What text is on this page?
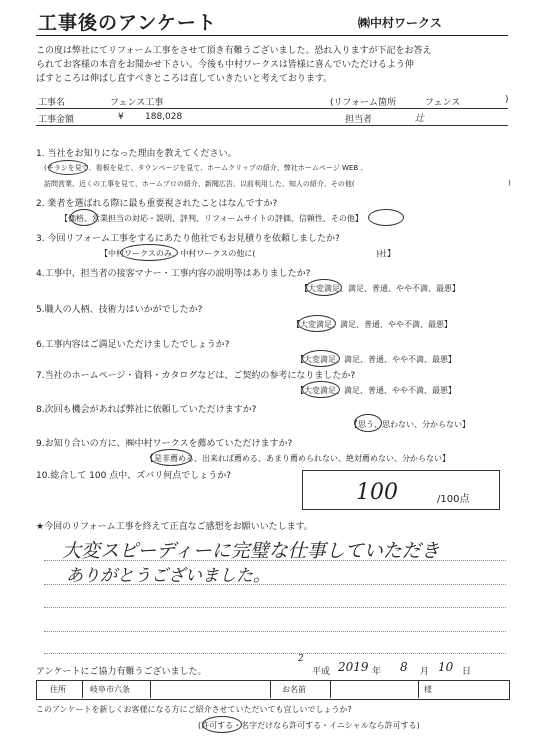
工事後のアンケート	㈱中村ワークス
この度は弊社にてリフォーム工事をさせて頂き有難うございました。恐れ入りますが下記をお答え
られてお客様の本音をお聞かせ下さい。今後も中村ワークスは皆様に喜んでいただけるよう伸
ばすところは伸ばし直すべきところは直していきたいと考えております。
工事名	フェンス工事	(リフォーム箇所	フェンス	)
工事金額	¥ 188,028	担当者	辻
1. 当社をお知りになった理由を教えてください。
(チラシを見て、看板を見て、タウンページを見て、ホームクリップの紹介、弊社ホームページ WEB 、
訪問営業、近くの工事を見て、ホームプロの紹介、新聞広告、以前利用した、知人の紹介、その他(	)
2. 業者を選ばれる際に最も重要視されたことはなんですか?
【価格、営業担当の対応・説明、評判、リフォームサイトの評価、信頼性、その他】
3. 今回リフォーム工事をするにあたり他社でもお見積りを依頼しましたか?
【中村ワークスのみ、中村ワークスの他に(	)社】
4.工事中、担当者の接客マナー・工事内容の説明等はありましたか?
【大変満足、満足、普通、やや不満、最悪】
5.職人の人柄、技術力はいかがでしたか?
【大変満足、満足、普通、やや不満、最悪】
6.工事内容はご満足いただけましたでしょうか?
【大変満足、満足、普通、やや不満、最悪】
7.当社のホームページ・資料・カタログなどは、ご契約の参考になりましたか?
【大変満足、満足、普通、やや不満、最悪】
8.次回も機会があれば弊社に依頼していただけますか?
【思う、思わない、分からない】
9.お知り合いの方に、㈱中村ワークスを薦めていただけますか?
【是非薦める、出来れば薦める、あまり薦められない、絶対薦めない、分からない】
10.総合して 100 点中、ズバリ何点でしょうか?
100	/100点
★今回のリフォーム工事を終えて正直なご感想をお願いいたします。
大変スピーディーに完璧な仕事していただき
ありがとうございました。
アンケートにご協力有難うございました。
2
平成 2019 年 8 月 10 日
住所	岐阜市六条	お名前	様
このアンケートを新しくお客様になる方にご紹介させていただいても宜しいでしょうか?
(許可する・名字だけなら許可する・イニシャルなら許可する)
